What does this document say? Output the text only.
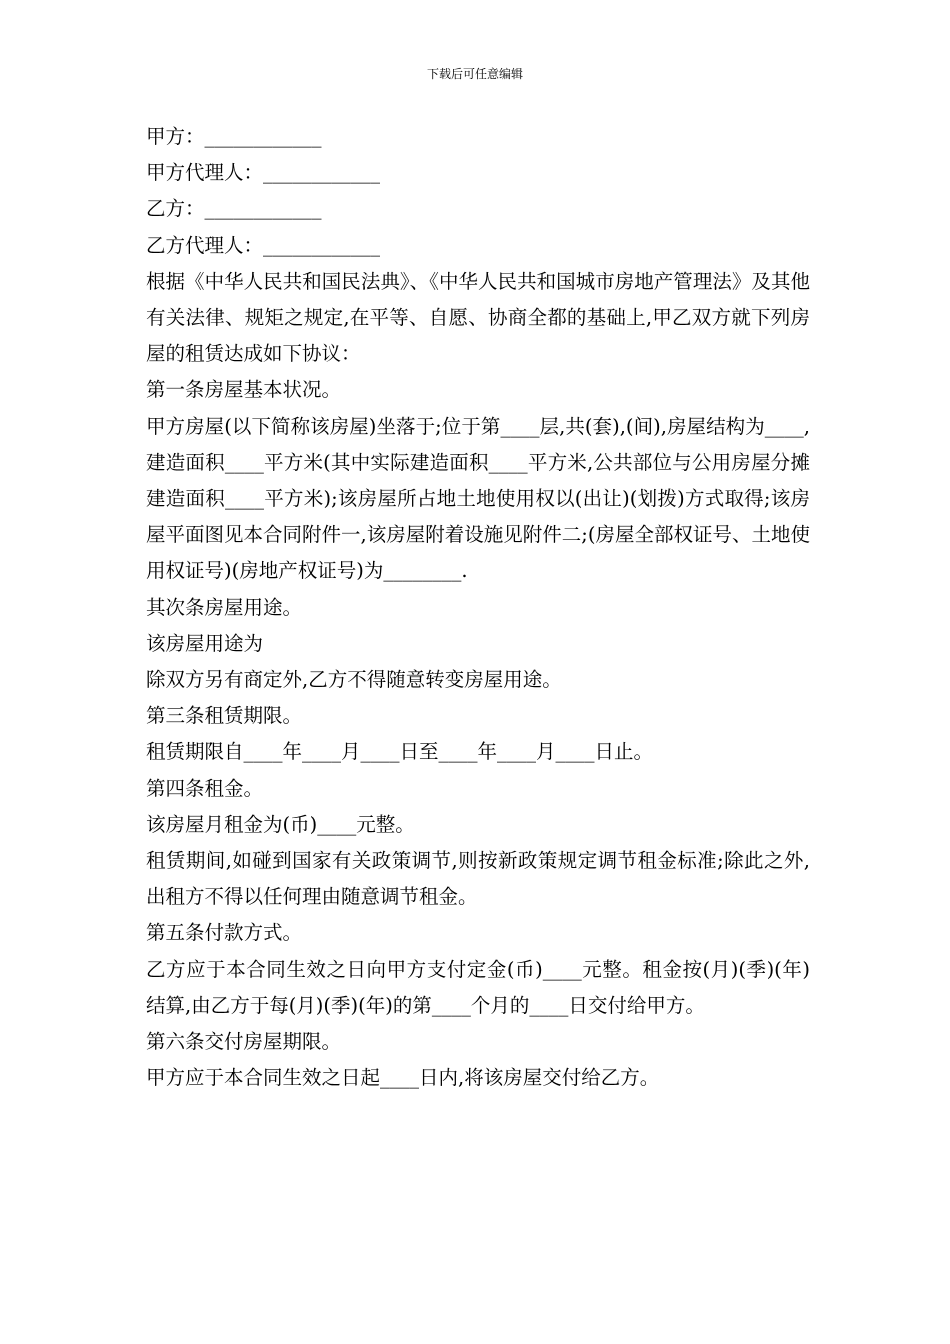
下载后可任意编辑

甲方：____________

甲方代理人：____________

乙方：____________

乙方代理人：____________

根据《中华人民共和国民法典》、《中华人民共和国城市房地产管理法》及其他有关法律、规矩之规定,在平等、自愿、协商全都的基础上,甲乙双方就下列房屋的租赁达成如下协议：

第一条房屋基本状况。

甲方房屋(以下简称该房屋)坐落于;位于第____层,共(套),(间),房屋结构为____,建造面积____平方米(其中实际建造面积____平方米,公共部位与公用房屋分摊建造面积____平方米);该房屋所占地土地使用权以(出让)(划拨)方式取得;该房屋平面图见本合同附件一,该房屋附着设施见附件二;(房屋全部权证号、土地使用权证号)(房地产权证号)为________.

其次条房屋用途。

该房屋用途为

除双方另有商定外,乙方不得随意转变房屋用途。

第三条租赁期限。

租赁期限自____年____月____日至____年____月____日止。

第四条租金。

该房屋月租金为(币)____元整。

租赁期间,如碰到国家有关政策调节,则按新政策规定调节租金标准;除此之外,出租方不得以任何理由随意调节租金。

第五条付款方式。

乙方应于本合同生效之日向甲方支付定金(币)____元整。租金按(月)(季)(年)结算,由乙方于每(月)(季)(年)的第____个月的____日交付给甲方。

第六条交付房屋期限。

甲方应于本合同生效之日起____日内,将该房屋交付给乙方。
